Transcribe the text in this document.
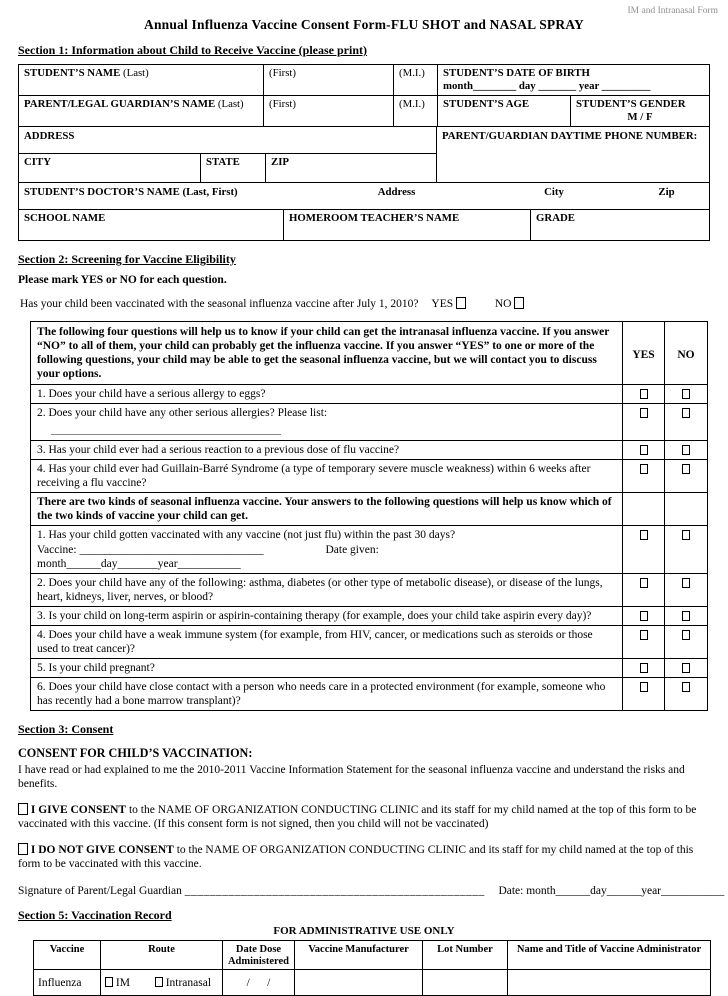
IM and Intranasal Form
Annual Influenza Vaccine Consent Form-FLU SHOT and NASAL SPRAY
Section 1: Information about Child to Receive Vaccine (please print)
STUDENT’S NAME (Last)	(First)	(M.I.)	STUDENT’S DATE OF BIRTH
month________ day _______ year _________
PARENT/LEGAL GUARDIAN’S NAME (Last)	(First)	(M.I.)	STUDENT’S AGE	STUDENT’S GENDER
M / F
ADDRESS
CITY	STATE	ZIP
PARENT/GUARDIAN DAYTIME PHONE NUMBER:
STUDENT’S DOCTOR’S NAME (Last, First)	Address	City	Zip
SCHOOL NAME	HOMEROOM TEACHER’S NAME	GRADE
Section 2: Screening for Vaccine Eligibility
Please mark YES or NO for each question.
Has your child been vaccinated with the seasonal influenza vaccine after July 1, 2010? YES	NO
The following four questions will help us to know if your child can get the intranasal influenza vaccine. If you answer “NO” to all of them, your child can probably get the influenza vaccine. If you answer “YES” to one or more of the following questions, your child may be able to get the seasonal influenza vaccine, but we will contact you to discuss your options.
YES	NO
1. Does your child have a serious allergy to eggs?
2. Does your child have any other serious allergies? Please list:
3. Has your child ever had a serious reaction to a previous dose of flu vaccine?
4. Has your child ever had Guillain-Barré Syndrome (a type of temporary severe muscle weakness) within 6 weeks after receiving a flu vaccine?
There are two kinds of seasonal influenza vaccine. Your answers to the following questions will help us know which of the two kinds of vaccine your child can get.
1. Has your child gotten vaccinated with any vaccine (not just flu) within the past 30 days?
Vaccine: ________________________________	Date given:
month______day_______year___________
2. Does your child have any of the following: asthma, diabetes (or other type of metabolic disease), or disease of the lungs, heart, kidneys, liver, nerves, or blood?
3. Is your child on long-term aspirin or aspirin-containing therapy (for example, does your child take aspirin every day)?
4. Does your child have a weak immune system (for example, from HIV, cancer, or medications such as steroids or those used to treat cancer)?
5. Is your child pregnant?
6. Does your child have close contact with a person who needs care in a protected environment (for example, someone who has recently had a bone marrow transplant)?
Section 3: Consent
CONSENT FOR CHILD’S VACCINATION:
I have read or had explained to me the 2010-2011 Vaccine Information Statement for the seasonal influenza vaccine and understand the risks and benefits.
I GIVE CONSENT to the NAME OF ORGANIZATION CONDUCTING CLINIC and its staff for my child named at the top of this form to be vaccinated with this vaccine. (If this consent form is not signed, then you child will not be vaccinated)
I DO NOT GIVE CONSENT to the NAME OF ORGANIZATION CONDUCTING CLINIC and its staff for my child named at the top of this form to be vaccinated with this vaccine.
Signature of Parent/Legal Guardian ________________________________________________ Date: month______day______year___________
Section 5: Vaccination Record
FOR ADMINISTRATIVE USE ONLY
Vaccine	Route	Date Dose Administered	Vaccine Manufacturer	Lot Number	Name and Title of Vaccine Administrator
Influenza	IM Intranasal	/      /			
